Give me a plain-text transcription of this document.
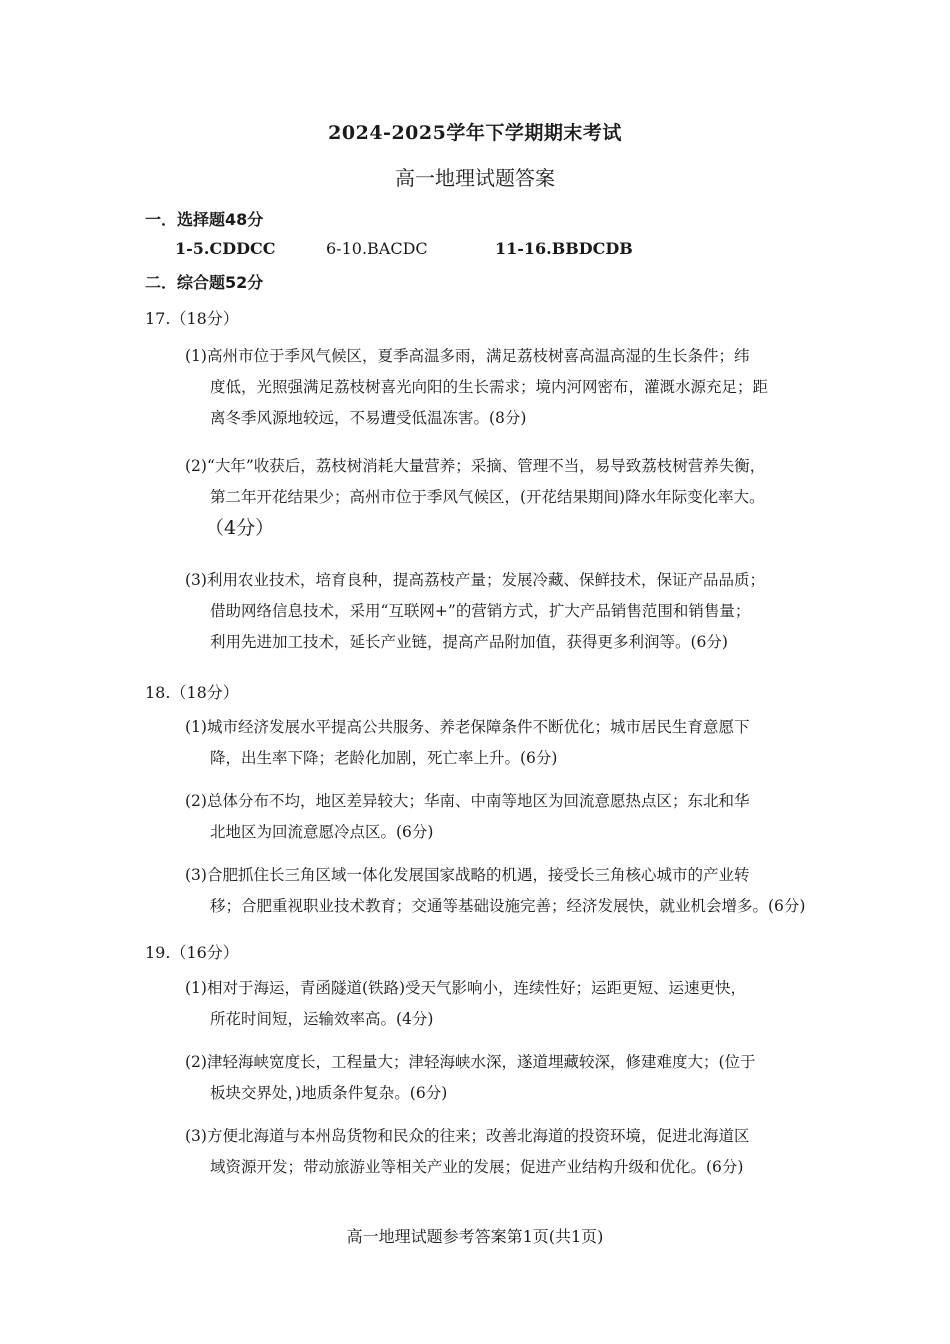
2024-2025学年下学期期末考试
高一地理试题答案
一．选择题48分
1-5.CDDCC	6-10.BACDC	11-16.BBDCDB
二．综合题52分
17.（18分）
(1)高州市位于季风气候区，夏季高温多雨，满足荔枝树喜高温高湿的生长条件；纬
度低，光照强满足荔枝树喜光向阳的生长需求；境内河网密布，灌溉水源充足；距
离冬季风源地较远，不易遭受低温冻害。(8分)
(2)“大年”收获后，荔枝树消耗大量营养；采摘、管理不当，易导致荔枝树营养失衡，
第二年开花结果少；高州市位于季风气候区，(开花结果期间)降水年际变化率大。
（4分）
(3)利用农业技术，培育良种，提高荔枝产量；发展冷藏、保鲜技术，保证产品品质；
借助网络信息技术，采用“互联网+”的营销方式，扩大产品销售范围和销售量；
利用先进加工技术，延长产业链，提高产品附加值，获得更多利润等。(6分)
18.（18分）
(1)城市经济发展水平提高公共服务、养老保障条件不断优化；城市居民生育意愿下
降，出生率下降；老龄化加剧，死亡率上升。(6分)
(2)总体分布不均，地区差异较大；华南、中南等地区为回流意愿热点区；东北和华
北地区为回流意愿冷点区。(6分)
(3)合肥抓住长三角区域一体化发展国家战略的机遇，接受长三角核心城市的产业转
移；合肥重视职业技术教育；交通等基础设施完善；经济发展快，就业机会增多。(6分)
19.（16分）
(1)相对于海运，青函隧道(铁路)受天气影响小，连续性好；运距更短、运速更快，
所花时间短，运输效率高。(4分)
(2)津轻海峡宽度长，工程量大；津轻海峡水深，遂道埋藏较深，修建难度大；(位于
板块交界处，)地质条件复杂。(6分)
(3)方便北海道与本州岛货物和民众的往来；改善北海道的投资环境，促进北海道区
域资源开发；带动旅游业等相关产业的发展；促进产业结构升级和优化。(6分)
高一地理试题参考答案第1页(共1页)
